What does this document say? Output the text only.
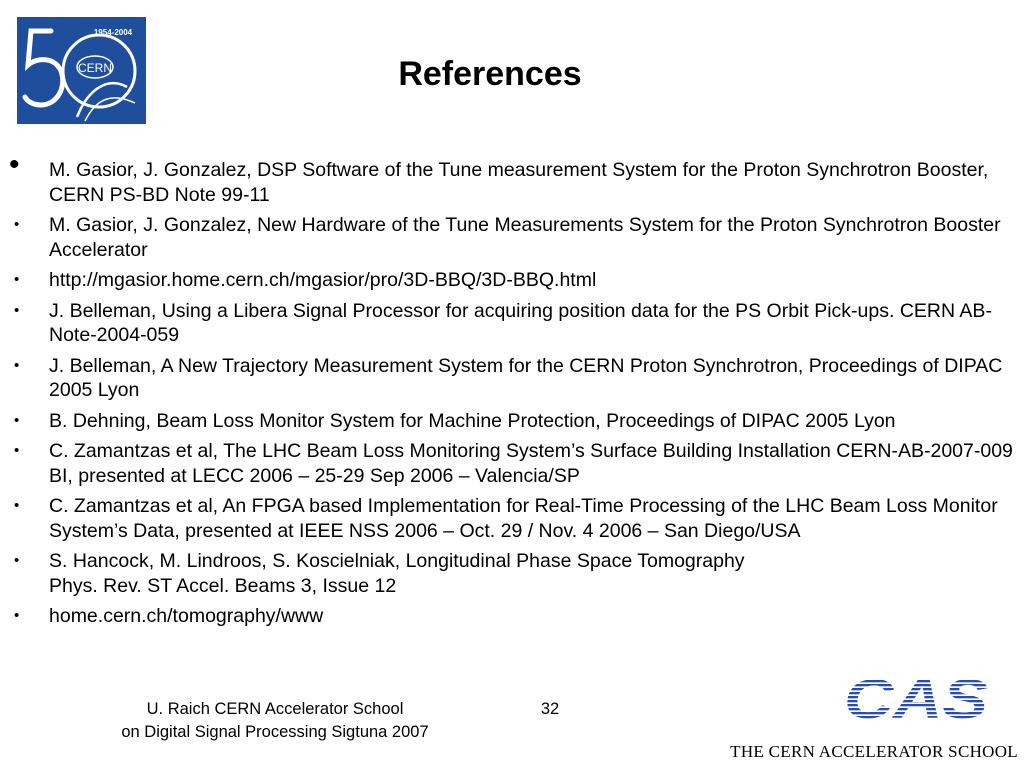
CERN
1954-2004
50
References
• M. Gasior, J. Gonzalez, DSP Software of the Tune measurement System for the Proton Synchrotron Booster, CERN PS-BD Note 99-11
• M. Gasior, J. Gonzalez, New Hardware of the Tune Measurements System for the Proton Synchrotron Booster Accelerator
• http://mgasior.home.cern.ch/mgasior/pro/3D-BBQ/3D-BBQ.html
• J. Belleman, Using a Libera Signal Processor for acquiring position data for the PS Orbit Pick-ups. CERN AB-Note-2004-059
• J. Belleman, A New Trajectory Measurement System for the CERN Proton Synchrotron, Proceedings of DIPAC 2005 Lyon
• B. Dehning, Beam Loss Monitor System for Machine Protection, Proceedings of DIPAC 2005 Lyon
• C. Zamantzas et al, The LHC Beam Loss Monitoring System’s Surface Building Installation CERN-AB-2007-009 BI, presented at LECC 2006 – 25-29 Sep 2006 – Valencia/SP
• C. Zamantzas et al, An FPGA based Implementation for Real-Time Processing of the LHC Beam Loss Monitor System’s Data, presented at IEEE NSS 2006 – Oct. 29 / Nov. 4 2006 – San Diego/USA
• S. Hancock, M. Lindroos, S. Koscielniak, Longitudinal Phase Space Tomography
Phys. Rev. ST Accel. Beams 3, Issue 12
• home.cern.ch/tomography/www
U. Raich CERN Accelerator School
on Digital Signal Processing Sigtuna 2007
32	CAS
THE CERN ACCELERATOR SCHOOL
